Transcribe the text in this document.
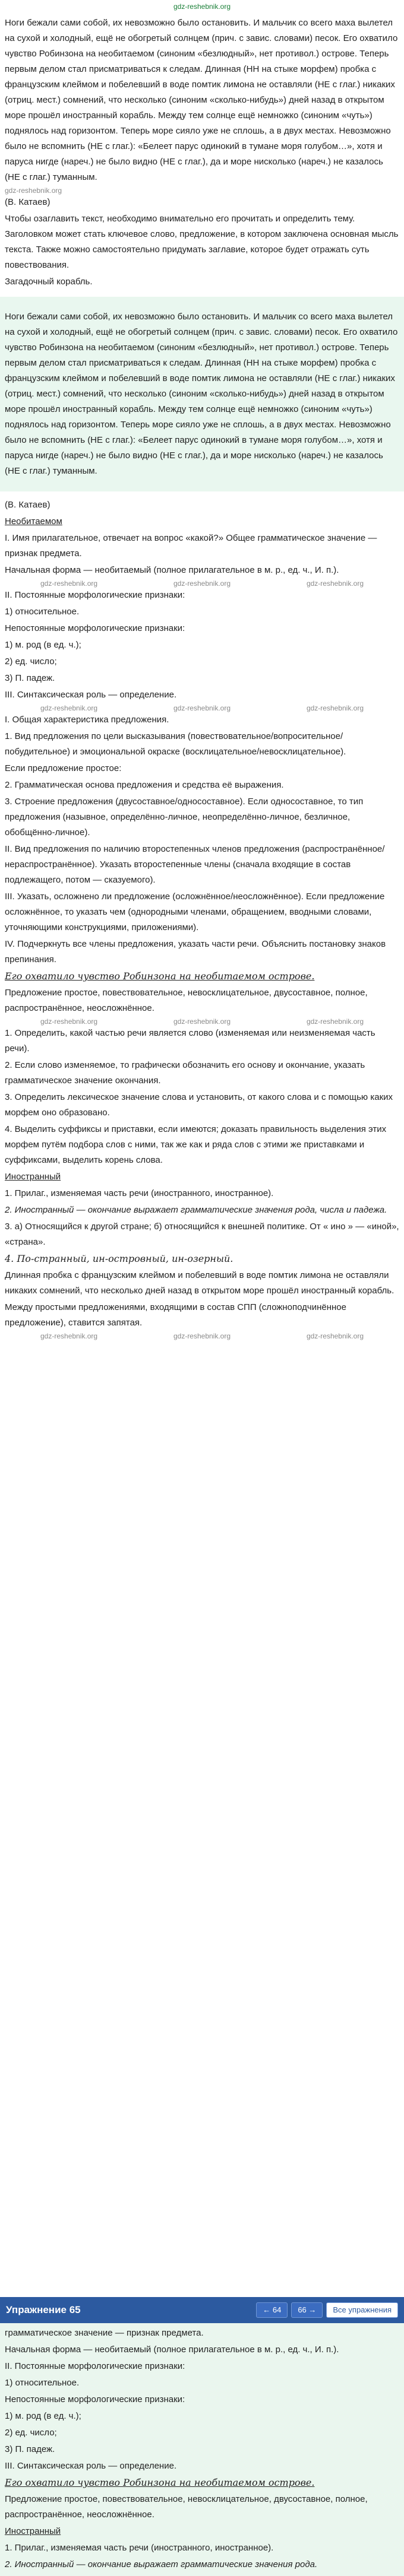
gdz-reshebnik.org

Ноги бежали сами собой, их невозможно было остановить. И мальчик со всего маха вылетел на сухой и холодный, ещё не обогретый солнцем (прич. с завис. словами) песок. Его охватило чувство Робинзона на необитаемом (синоним «безлюдный», нет противол.) острове. Теперь первым делом стал присматриваться к следам. Длинная (НН на стыке морфем) пробка с французским клеймом и побелевший в воде помтик лимона не оставляли (НЕ с глаг.) никаких (отриц. мест.) сомнений, что несколько (синоним «сколько-нибудь») дней назад в открытом море прошёл иностранный корабль. Между тем солнце ещё немножко (синоним «чуть») поднялось над горизонтом. Теперь море сияло уже не сплошь, а в двух местах. Невозможно было не вспомнить (НЕ с глаг.): «Белеет парус одинокий в тумане моря голубом…», хотя и паруса нигде (нареч.) не было видно (НЕ с глаг.), да и море нисколько (нареч.) не казалось (НЕ с глаг.) туманным.

gdz-reshebnik.org

(В. Катаев)

Чтобы озаглавить текст, необходимо внимательно его прочитать и определить тему. Заголовком может стать ключевое слово, предложение, в котором заключена основная мысль текста. Также можно самостоятельно придумать заглавие, которое будет отражать суть повествования.

Загадочный корабль.

Ноги бежали сами собой, их невозможно было остановить. И мальчик со всего маха вылетел на сухой и холодный, ещё не обогретый солнцем (прич. с завис. словами) песок. Его охватило чувство Робинзона на необитаемом (синоним «безлюдный», нет противол.) острове. Теперь первым делом стал присматриваться к следам. Длинная (НН на стыке морфем) пробка с французским клеймом и побелевший в воде помтик лимона не оставляли (НЕ с глаг.) никаких (отриц. мест.) сомнений, что несколько (синоним «сколько-нибудь») дней назад в открытом море прошёл иностранный корабль. Между тем солнце ещё немножко (синоним «чуть») поднялось над горизонтом. Теперь море сияло уже не сплошь, а в двух местах. Невозможно было не вспомнить (НЕ с глаг.): «Белеет парус одинокий в тумане моря голубом…», хотя и паруса нигде (нареч.) не было видно (НЕ с глаг.), да и море нисколько (нареч.) не казалось (НЕ с глаг.) туманным.

(В. Катаев)

Необитаемом

I. Имя прилагательное, отвечает на вопрос «какой?» Общее грамматическое значение — признак предмета.

Начальная форма — необитаемый (полное прилагательное в м. р., ед. ч., И. п.).

gdz-reshebnik.org	gdz-reshebnik.org	gdz-reshebnik.org

II. Постоянные морфологические признаки:

1) относительное.

Непостоянные морфологические признаки:

1) м. род (в ед. ч.);

2) ед. число;

3) П. падеж.

III. Синтаксическая роль — определение.

gdz-reshebnik.org	gdz-reshebnik.org	gdz-reshebnik.org

I. Общая характеристика предложения.

1. Вид предложения по цели высказывания (повествовательное/вопросительное/побудительное) и эмоциональной окраске (восклицательное/невосклицательное).

Если предложение простое:

2. Грамматическая основа предложения и средства её выражения.

3. Строение предложения (двусоставное/односоставное). Если односоставное, то тип предложения (назывное, определённо-личное, неопределённо-личное, безличное, обобщённо-личное).

II. Вид предложения по наличию второстепенных членов предложения (распространённое/нераспространённое). Указать второстепенные члены (сначала входящие в состав подлежащего, потом — сказуемого).

III. Указать, осложнено ли предложение (осложнённое/неосложнённое). Если предложение осложнённое, то указать чем (однородными членами, обращением, вводными словами, уточняющими конструкциями, приложениями).

IV. Подчеркнуть все члены предложения, указать части речи. Объяснить постановку знаков препинания.

Его охватило чувство Робинзона на необитаемом острове.

Предложение простое, повествовательное, невосклицательное, двусоставное, полное, распространённое, неосложнённое.

gdz-reshebnik.org	gdz-reshebnik.org	gdz-reshebnik.org

1. Определить, какой частью речи является слово (изменяемая или неизменяемая часть речи).

2. Если слово изменяемое, то графически обозначить его основу и окончание, указать грамматическое значение окончания.

3. Определить лексическое значение слова и установить, от какого слова и с помощью каких морфем оно образовано.

4. Выделить суффиксы и приставки, если имеются; доказать правильность выделения этих морфем путём подбора слов с ними, так же как и ряда слов с этими же приставками и суффиксами, выделить корень слова.

Иностранный

1. Прилаг., изменяемая часть речи (иностранного, иностранное).

2. Иностранный — окончание выражает грамматические значения рода, числа и падежа.

3. а) Относящийся к другой стране; б) относящийся к внешней политике. От « ино » — «иной», «страна».

4. По-странный, ин-островный, ин-озерный.

Длинная пробка с французским клеймом и побелевший в воде помтик лимона не оставляли никаких сомнений, что несколько дней назад в открытом море прошёл иностранный корабль.

Между простыми предложениями, входящими в состав СПП (сложноподчинённое предложение), ставится запятая.

gdz-reshebnik.org	gdz-reshebnik.org	gdz-reshebnik.org
Упражнение 65	← 64	66 →	Все упражнения

грамматическое значение — признак предмета.

Начальная форма — необитаемый (полное прилагательное в м. р., ед. ч., И. п.).

II. Постоянные морфологические признаки:

1) относительное.

Непостоянные морфологические признаки:

1) м. род (в ед. ч.);

2) ед. число;

3) П. падеж.

III. Синтаксическая роль — определение.

Его охватило чувство Робинзона на необитаемом острове.

Предложение простое, повествовательное, невосклицательное, двусоставное, полное, распространённое, неосложнённое.

Иностранный

1. Прилаг., изменяемая часть речи (иностранного, иностранное).

2. Иностранный — окончание выражает грамматические значения рода.
